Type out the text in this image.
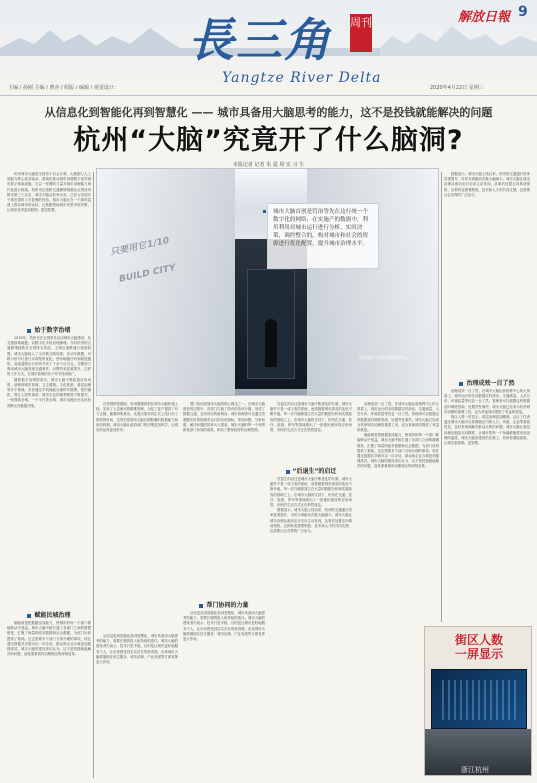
長三角 周刊
Yangtze River Delta
解放日報 9
主编 / 孙刚 主编 / 曹亦 / 组版 / 编辑 / 视觉设计：	2020年4月22日 星期三
从信息化到智能化再到智慧化 —— 城市具备用大脑思考的能力，这不是投钱就能解决的问题
杭州“大脑”究竟开了什么脑洞?
本报记者 记者 朱 爱 周 实 习 生

杭州城市大脑是全国首个以云计算、大数据与人工智能为核心技术驱动、系统化推动城市治理数字化的城市数字基础设施，它以一张网的力量对城市治理能力现代化进行探索。杭州市区道路交通拥堵指数从全国前列降至第三十余名，城市大脑从杭州出发，已经为全国多个城市提供了可复制的经验。城市大脑正在一个新的层面上推动城市的运转，让数据帮助城市来思考和决策，让城市变得更加聪明、更加智慧。

始于数字治堵

2016年，杭州市在全国率先启动城市大脑建设，从交通领域破题，以数字化手段治理拥堵。当时杭州的交通拥堵指数在全国排名居前，主城区道路通行速度较慢。城市大脑接入了全市数万路视频、浮动车数据，对路口信号灯进行实时配时优化，使车辆通行时间明显缩短，高架道路出行时间节省了十余个百分点。交警部门利用城市大脑发现交通事件，出警效率显著提升。这样的工作方式，在城市管理的各个环节得到推广。

随着数字治堵的成功，城市大脑不断拓展应用场景，延伸到城市管理、卫生健康、文化旅游、基层治理等多个领域。市民通过手机就能办理停车缴费、预约就医、景区入园等事项，城市生活的便利程度不断提升。一张图看全城，一个平台管全城，城市治理正在从经验判断走向数据决策。

赋能民城治理

赋能就是把数据变成能力，使城市的每一个部门都能够从中受益。城市大脑中枢打通了各部门之间的数据壁垒，汇聚了海量的政务数据和社会数据，为部门协同提供了基础。过去需要多个部门分别办理的事项，现在通过数据共享就可以一次办结，群众和企业办事更加便捷高效。城市大脑的建设者们认为，这不是投钱就能解决的问题，而是需要城市治理理念的深刻变革。

数据显示，城市大脑上线以来，杭州的交通通行效率显著提升，市民办事跑动次数大幅减少。城市大脑让城市治理从被动应对走向主动发现，从事后处置走向事前预防。这种转变需要制度、技术和人才的共同支撑，也需要社会各界的广泛参与。

治理成效一目了然

治理成效一目了然。在城市大脑运营指挥中心的大屏幕上，城市运行的各项数据实时滚动，交通流量、人员分布、环境质量等信息一目了然。管理者可以根据这些数据及时调度资源，处置突发事件。城市大脑已经成为杭州城市治理的重要工具，也为其他城市提供了有益的借鉴。

街区人数一屏显示，基层治理更加精细。社区工作者通过城市大脑可以掌握辖区内的人口、房屋、企业等基础信息，及时发现和解决群众反映的问题。城市大脑让基层治理从粗放走向精准，让城市的每一个角落都能感受到治理的温度。城市大脑的建设仍在路上，杭州将继续探索，让城市更聪明、更智慧。

只要用它1/10
BUILD CITY
城市大脑首创是管治等先在这行统一个数字化的网络，在实施产的数据中，利用利用对城市运行进行分析、实时决策，调控整合的，构对城市和社会的资源进行优化配置，提升城市治理水平。
杭州城市大脑运营指挥中心。

在疫情防控期间，杭州健康码依托城市大脑快速上线，实现了人员流动的精准管理，为复工复产提供了有力支撑。健康码的推出，从提出需求到正式上线只用了很短的时间，这背后是城市大脑长期积累的数据能力和协同机制。城市大脑让政府部门的决策更加科学，让城市的运转更加有序。

帮门协同的力量

帮门协同是城市大脑的核心理念之一。在城市大脑建设的过程中，各部门打破了原有的条块分割，形成了数据互通、业务协同的新格局。城市管理者可以通过驾驶舱实时掌握城市运行的各项指标，发现问题、分析问题、解决问题的效率大大提高。城市大脑的每一个场景都是部门协同的成果，体现了整体政府的治理思路。

从信息化到智能化再到智慧化，城市具备用大脑思考的能力，需要长期的投入和持续的迭代。城市大脑的建设者们表示，技术只是手段，目的是让城市更好地服务于人，让市民感受到实实在在的获得感。未来城市大脑将继续在民生服务、城市治理、产业发展等方面发挥更大作用。

从信息化到智能化再到智慧化，城市具备用大脑思考的能力，需要长期的投入和持续的迭代。城市大脑的建设者们表示，技术只是手段，目的是让城市更好地服务于人，让市民感受到实实在在的获得感。未来城市大脑将继续在民生服务、城市治理、产业发展等方面发挥更大作用。

后退生的启迁是城市大脑不断进化的写照。城市大脑并不是一成不变的系统，而是随着城市需求的变化不断升级。每一次升级都建立在大量的数据分析和实践检验的基础之上。在城市大脑的支持下，杭州在交通、医疗、旅游、停车等领域推出了一批便民惠民的应用场景，市民的生活方式正在悄然改变。

“后退生”的启迁

后退生的启迁是城市大脑不断进化的写照。城市大脑并不是一成不变的系统，而是随着城市需求的变化不断升级。每一次升级都建立在大量的数据分析和实践检验的基础之上。在城市大脑的支持下，杭州在交通、医疗、旅游、停车等领域推出了一批便民惠民的应用场景，市民的生活方式正在悄然改变。

数据显示，城市大脑上线以来，杭州的交通通行效率显著提升，市民办事跑动次数大幅减少。城市大脑让城市治理从被动应对走向主动发现，从事后处置走向事前预防。这种转变需要制度、技术和人才的共同支撑，也需要社会各界的广泛参与。

治理成效一目了然。在城市大脑运营指挥中心的大屏幕上，城市运行的各项数据实时滚动，交通流量、人员分布、环境质量等信息一目了然。管理者可以根据这些数据及时调度资源，处置突发事件。城市大脑已经成为杭州城市治理的重要工具，也为其他城市提供了有益的借鉴。

赋能就是把数据变成能力，使城市的每一个部门都能够从中受益。城市大脑中枢打通了各部门之间的数据壁垒，汇聚了海量的政务数据和社会数据，为部门协同提供了基础。过去需要多个部门分别办理的事项，现在通过数据共享就可以一次办结，群众和企业办事更加便捷高效。城市大脑的建设者们认为，这不是投钱就能解决的问题，而是需要城市治理理念的深刻变革。

街区人数
一屏显示
浙江杭州
